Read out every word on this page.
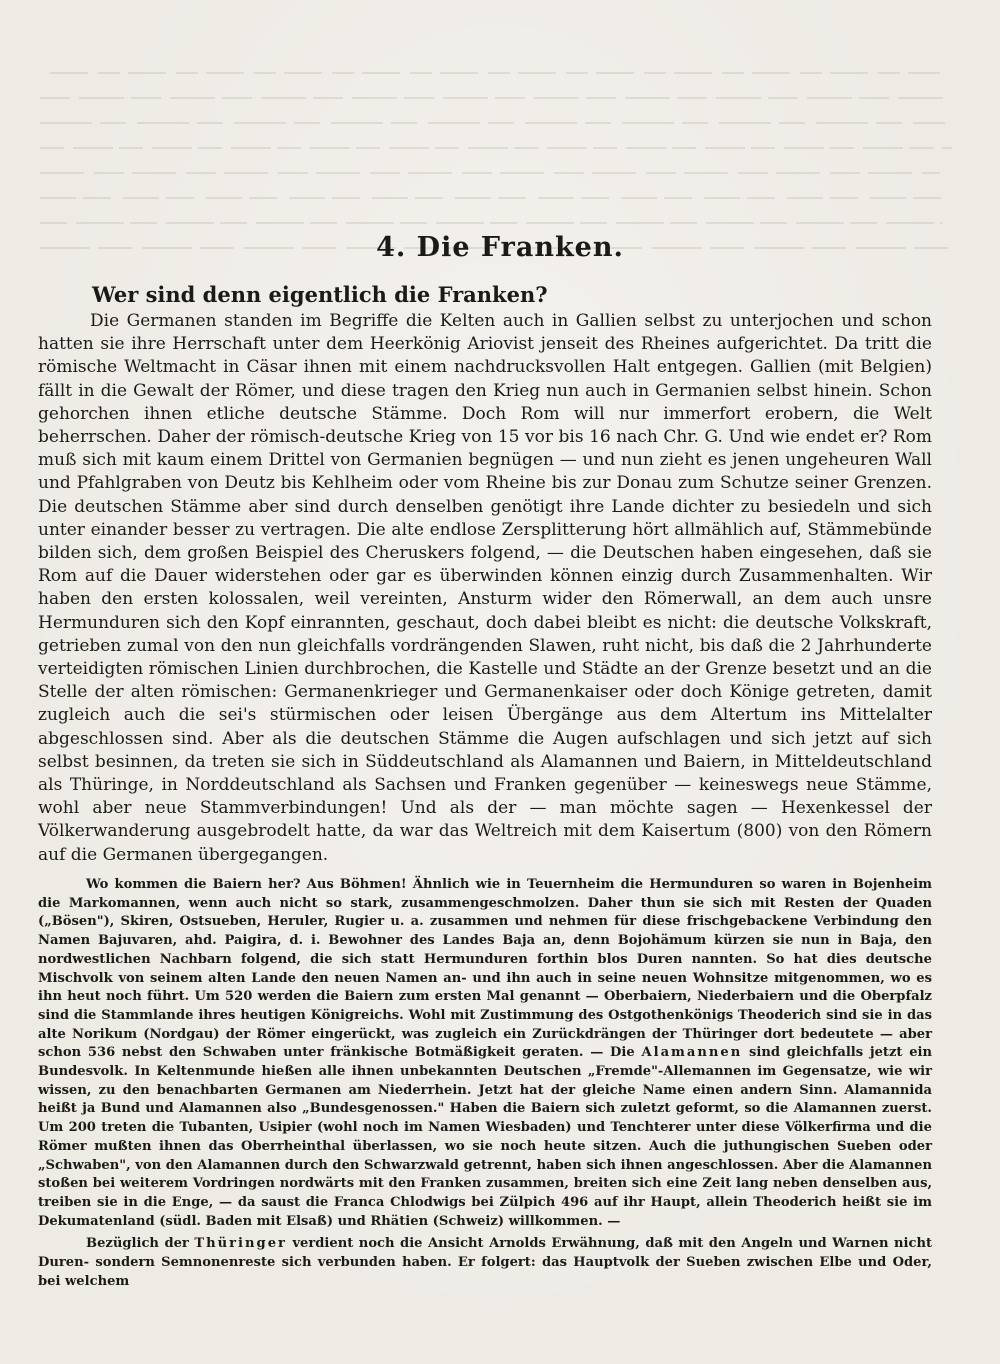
4. Die Franken.
Wer sind denn eigentlich die Franken?

Die Germanen standen im Begriffe die Kelten auch in Gallien selbst zu unterjochen und schon hatten sie ihre Herrschaft unter dem Heerkönig Ariovist jenseit des Rheines aufgerichtet. Da tritt die römische Weltmacht in Cäsar ihnen mit einem nachdrucksvollen Halt entgegen. Gallien (mit Belgien) fällt in die Gewalt der Römer, und diese tragen den Krieg nun auch in Germanien selbst hinein. Schon gehorchen ihnen etliche deutsche Stämme. Doch Rom will nur immerfort erobern, die Welt beherrschen. Daher der römisch-deutsche Krieg von 15 vor bis 16 nach Chr. G. Und wie endet er? Rom muß sich mit kaum einem Drittel von Germanien begnügen — und nun zieht es jenen ungeheuren Wall und Pfahlgraben von Deutz bis Kehlheim oder vom Rheine bis zur Donau zum Schutze seiner Grenzen. Die deutschen Stämme aber sind durch denselben genötigt ihre Lande dichter zu besiedeln und sich unter einander besser zu vertragen. Die alte endlose Zersplitterung hört allmählich auf, Stämmebünde bilden sich, dem großen Beispiel des Cheruskers folgend, — die Deutschen haben eingesehen, daß sie Rom auf die Dauer widerstehen oder gar es überwinden können einzig durch Zusammenhalten. Wir haben den ersten kolossalen, weil vereinten, Ansturm wider den Römerwall, an dem auch unsre Hermunduren sich den Kopf einrannten, geschaut, doch dabei bleibt es nicht: die deutsche Volkskraft, getrieben zumal von den nun gleichfalls vordrängenden Slawen, ruht nicht, bis daß die 2 Jahrhunderte verteidigten römischen Linien durchbrochen, die Kastelle und Städte an der Grenze besetzt und an die Stelle der alten römischen: Germanenkrieger und Germanenkaiser oder doch Könige getreten, damit zugleich auch die sei's stürmischen oder leisen Übergänge aus dem Altertum ins Mittelalter abgeschlossen sind. Aber als die deutschen Stämme die Augen aufschlagen und sich jetzt auf sich selbst besinnen, da treten sie sich in Süddeutschland als Alamannen und Baiern, in Mitteldeutschland als Thüringe, in Norddeutschland als Sachsen und Franken gegenüber — keineswegs neue Stämme, wohl aber neue Stammverbindungen! Und als der — man möchte sagen — Hexenkessel der Völkerwanderung ausgebrodelt hatte, da war das Weltreich mit dem Kaisertum (800) von den Römern auf die Germanen übergegangen.

Wo kommen die Baiern her? Aus Böhmen! Ähnlich wie in Teuernheim die Hermunduren so waren in Bojenheim die Markomannen, wenn auch nicht so stark, zusammengeschmolzen. Daher thun sie sich mit Resten der Quaden („Bösen"), Skiren, Ostsueben, Heruler, Rugier u. a. zusammen und nehmen für diese frischgebackene Verbindung den Namen Bajuvaren, ahd. Paigira, d. i. Bewohner des Landes Baja an, denn Bojohämum kürzen sie nun in Baja, den nordwestlichen Nachbarn folgend, die sich statt Hermunduren forthin blos Duren nannten. So hat dies deutsche Mischvolk von seinem alten Lande den neuen Namen an- und ihn auch in seine neuen Wohnsitze mitgenommen, wo es ihn heut noch führt. Um 520 werden die Baiern zum ersten Mal genannt — Oberbaiern, Niederbaiern und die Oberpfalz sind die Stammlande ihres heutigen Königreichs. Wohl mit Zustimmung des Ostgothenkönigs Theoderich sind sie in das alte Norikum (Nordgau) der Römer eingerückt, was zugleich ein Zurückdrängen der Thüringer dort bedeutete — aber schon 536 nebst den Schwaben unter fränkische Botmäßigkeit geraten. — Die Alamannen sind gleichfalls jetzt ein Bundesvolk. In Keltenmunde hießen alle ihnen unbekannten Deutschen „Fremde"-Allemannen im Gegensatze, wie wir wissen, zu den benachbarten Germanen am Niederrhein. Jetzt hat der gleiche Name einen andern Sinn. Alamannida heißt ja Bund und Alamannen also „Bundesgenossen." Haben die Baiern sich zuletzt geformt, so die Alamannen zuerst. Um 200 treten die Tubanten, Usipier (wohl noch im Namen Wiesbaden) und Tenchterer unter diese Völkerfirma und die Römer mußten ihnen das Oberrheinthal überlassen, wo sie noch heute sitzen. Auch die juthungischen Sueben oder „Schwaben", von den Alamannen durch den Schwarzwald getrennt, haben sich ihnen angeschlossen. Aber die Alamannen stoßen bei weiterem Vordringen nordwärts mit den Franken zusammen, breiten sich eine Zeit lang neben denselben aus, treiben sie in die Enge, — da saust die Franca Chlodwigs bei Zülpich 496 auf ihr Haupt, allein Theoderich heißt sie im Dekumatenland (südl. Baden mit Elsaß) und Rhätien (Schweiz) willkommen. —

Bezüglich der Thüringer verdient noch die Ansicht Arnolds Erwähnung, daß mit den Angeln und Warnen nicht Duren- sondern Semnonenreste sich verbunden haben. Er folgert: das Hauptvolk der Sueben zwischen Elbe und Oder, bei welchem
